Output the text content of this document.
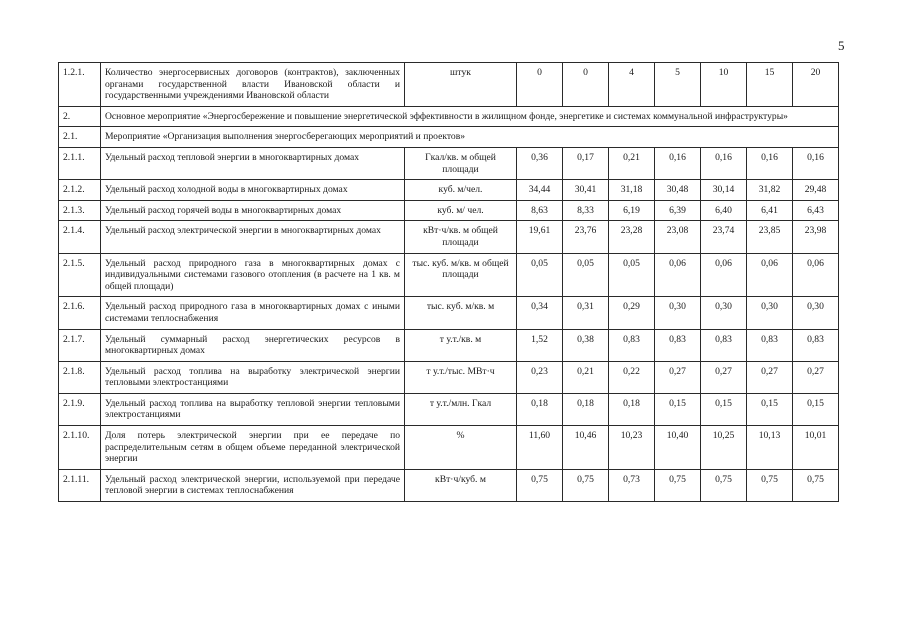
5
1.2.1.	Количество энергосервисных договоров (контрактов), заключенных органами государственной власти Ивановской области и государственными учреждениями Ивановской области	штук	0	0	4	5	10	15	20
2.	Основное мероприятие «Энергосбережение и повышение энергетической эффективности в жилищном фонде, энергетике и системах коммунальной инфраструктуры»								
2.1.	Мероприятие «Организация выполнения энергосберегающих мероприятий и проектов»								
2.1.1.	Удельный расход тепловой энергии в многоквартирных домах	Гкал/кв. м общей площади	0,36	0,17	0,21	0,16	0,16	0,16	0,16
2.1.2.	Удельный расход холодной воды в многоквартирных домах	куб. м/чел.	34,44	30,41	31,18	30,48	30,14	31,82	29,48
2.1.3.	Удельный расход горячей воды в многоквартирных домах	куб. м/ чел.	8,63	8,33	6,19	6,39	6,40	6,41	6,43
2.1.4.	Удельный расход электрической энергии в многоквартирных домах	кВт·ч/кв. м общей площади	19,61	23,76	23,28	23,08	23,74	23,85	23,98
2.1.5.	Удельный расход природного газа в многоквартирных домах с индивидуальными системами газового отопления (в расчете на 1 кв. м общей площади)	тыс. куб. м/кв. м общей площади	0,05	0,05	0,05	0,06	0,06	0,06	0,06
2.1.6.	Удельный расход природного газа в многоквартирных домах с иными системами теплоснабжения	тыс. куб. м/кв. м	0,34	0,31	0,29	0,30	0,30	0,30	0,30
2.1.7.	Удельный суммарный расход энергетических ресурсов в многоквартирных домах	т у.т./кв. м	1,52	0,38	0,83	0,83	0,83	0,83	0,83
2.1.8.	Удельный расход топлива на выработку электрической энергии тепловыми электростанциями	т у.т./тыс. МВт·ч	0,23	0,21	0,22	0,27	0,27	0,27	0,27
2.1.9.	Удельный расход топлива на выработку тепловой энергии тепловыми электростанциями	т у.т./млн. Гкал	0,18	0,18	0,18	0,15	0,15	0,15	0,15
2.1.10.	Доля потерь электрической энергии при ее передаче по распределительным сетям в общем объеме переданной электрической энергии	%	11,60	10,46	10,23	10,40	10,25	10,13	10,01
2.1.11.	Удельный расход электрической энергии, используемой при передаче тепловой энергии в системах теплоснабжения	кВт·ч/куб. м	0,75	0,75	0,73	0,75	0,75	0,75	0,75
